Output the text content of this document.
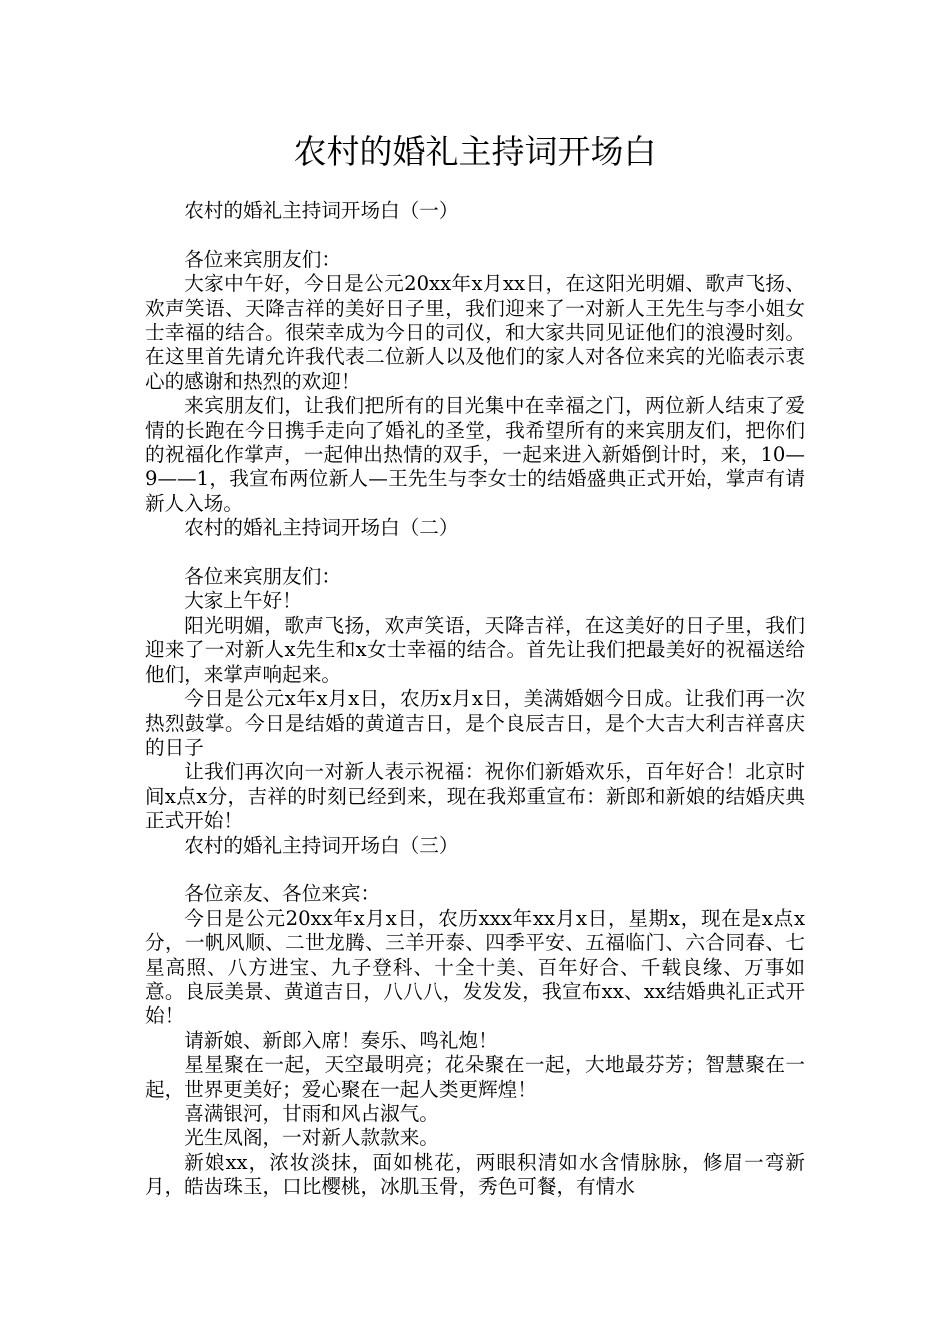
农村的婚礼主持词开场白

农村的婚礼主持词开场白（一）

各位来宾朋友们：

大家中午好，今日是公元20xx年x月xx日，在这阳光明媚、歌声飞扬、欢声笑语、天降吉祥的美好日子里，我们迎来了一对新人王先生与李小姐女士幸福的结合。很荣幸成为今日的司仪，和大家共同见证他们的浪漫时刻。在这里首先请允许我代表二位新人以及他们的家人对各位来宾的光临表示衷心的感谢和热烈的欢迎！

来宾朋友们，让我们把所有的目光集中在幸福之门，两位新人结束了爱情的长跑在今日携手走向了婚礼的圣堂，我希望所有的来宾朋友们，把你们的祝福化作掌声，一起伸出热情的双手，一起来进入新婚倒计时，来，10—9——1，我宣布两位新人—王先生与李女士的结婚盛典正式开始，掌声有请新人入场。

农村的婚礼主持词开场白（二）

各位来宾朋友们：

大家上午好！

阳光明媚，歌声飞扬，欢声笑语，天降吉祥，在这美好的日子里，我们迎来了一对新人x先生和x女士幸福的结合。首先让我们把最美好的祝福送给他们，来掌声响起来。

今日是公元x年x月x日，农历x月x日，美满婚姻今日成。让我们再一次热烈鼓掌。今日是结婚的黄道吉日，是个良辰吉日，是个大吉大利吉祥喜庆的日子

让我们再次向一对新人表示祝福：祝你们新婚欢乐，百年好合！北京时间x点x分，吉祥的时刻已经到来，现在我郑重宣布：新郎和新娘的结婚庆典正式开始！

农村的婚礼主持词开场白（三）

各位亲友、各位来宾：

今日是公元20xx年x月x日，农历xxx年xx月x日，星期x，现在是x点x分，一帆风顺、二世龙腾、三羊开泰、四季平安、五福临门、六合同春、七星高照、八方进宝、九子登科、十全十美、百年好合、千载良缘、万事如意。良辰美景、黄道吉日，八八八，发发发，我宣布xx、xx结婚典礼正式开始！

请新娘、新郎入席！奏乐、鸣礼炮！

星星聚在一起，天空最明亮；花朵聚在一起，大地最芬芳；智慧聚在一起，世界更美好；爱心聚在一起人类更辉煌！

喜满银河，甘雨和风占淑气。

光生凤阁，一对新人款款来。

新娘xx，浓妆淡抹，面如桃花，两眼积清如水含情脉脉，修眉一弯新月，皓齿珠玉，口比樱桃，冰肌玉骨，秀色可餐，有情水
